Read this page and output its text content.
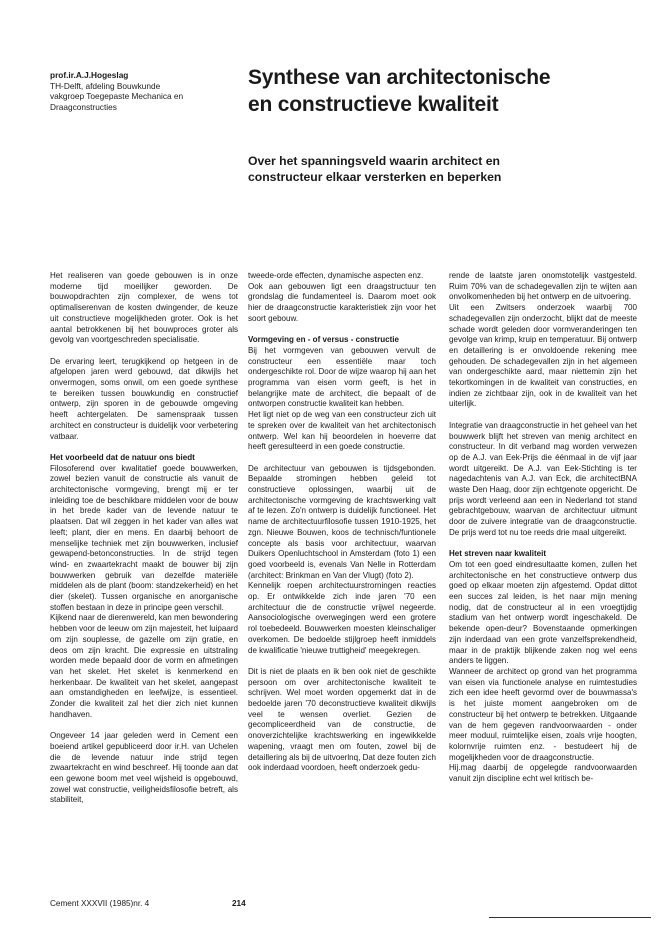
prof.ir.A.J.Hogeslag
TH-Delft, afdeling Bouwkunde
vakgroep Toegepaste Mechanica en
Draagconstructies
Synthese van architectonische
en constructieve kwaliteit
Over het spanningsveld waarin architect en
constructeur elkaar versterken en beperken

Het realiseren van goede gebouwen is in onze moderne tijd moeilijker geworden. De bouwopdrachten zijn complexer, de wens tot optimaliserenvan de kosten dwingender, de keuze uit constructieve mogelijkheden groter. Ook is het aantal betrokkenen bij het bouwproces groter als gevolg van voortgeschreden specialisatie.

De ervaring leert, terugkijkend op hetgeen in de afgelopen jaren werd gebouwd, dat dikwijls het onvermogen, soms onwil, om een goede synthese te bereiken tussen bouwkundig en constructief ontwerp, zijn sporen in de gebouwde omgeving heeft achtergelaten. De samenspraak tussen architect en constructeur is duidelijk voor verbetering vatbaar.

Het voorbeeld dat de natuur ons biedt

Filosoferend over kwalitatief goede bouwwerken, zowel bezien vanuit de constructie als vanuit de architectonische vormgeving, brengt mij er ter inleiding toe de beschikbare middelen voor de bouw in het brede kader van de levende natuur te plaatsen. Dat wil zeggen in het kader van alles wat leeft; plant, dier en mens. En daarbij behoort de menselijke techniek met zijn bouwwerken, inclusief gewapend-betonconstructies. In de strijd tegen wind- en zwaartekracht maakt de bouwer bij zijn bouwwerken gebruik van dezelfde materiële middelen als de plant (boom: standzekerheid) en het dier (skelet). Tussen organische en anorganische stoffen bestaan in deze in principe geen verschil.
Kijkend naar de dierenwereld, kan men bewondering hebben voor de leeuw om zijn majesteit, het luipaard om zijn souplesse, de gazelle om zijn gratie, en deos om zijn kracht. Die expressie en uitstraling worden mede bepaald door de vorm en afmetingen van het skelet. Het skelet is kenmerkend en herkenbaar. De kwaliteit van het skelet, aangepast aan omstandigheden en leefwijze, is essentieel. Zonder die kwaliteit zal het dier zich niet kunnen handhaven.

Ongeveer 14 jaar geleden werd in Cement een boeiend artikel gepubliceerd door ir.H. van Uchelen die de levende natuur inde strijd tegen zwaartekracht en wind beschreef. Hij toonde aan dat een gewone boom met veel wijsheid is opgebouwd, zowel wat constructie, veiligheidsfilosofie betreft, als stabiliteit,

tweede-orde effecten, dynamische aspecten enz.
Ook aan gebouwen ligt een draagstructuur ten grondslag die fundamenteel is. Daarom moet ook hier de draagconstructie karakteristiek zijn voor het soort gebouw.

Vormgeving en - of versus - constructie

Bij het vormgeven van gebouwen vervult de constructeur een essentiële maar toch ondergeschikte rol. Door de wijze waarop hij aan het programma van eisen vorm geeft, is het in belangrijke mate de architect, die bepaalt of de ontworpen constructie kwaliteit kan hebben.
Het ligt niet op de weg van een constructeur zich uit te spreken over de kwaliteit van het architectonisch ontwerp. Wel kan hij beoordelen in hoeverre dat heeft geresulteerd in een goede constructie.

De architectuur van gebouwen is tijdsgebonden. Bepaalde stromingen hebben geleid tot constructieve oplossingen, waarbij uit de architectonische vormgeving de krachtswerking valt af te lezen. Zo'n ontwerp is duidelijk functioneel. Het name de architectuurfilosofie tussen 1910-1925, het zgn. Nieuwe Bouwen, koos de technisch/funtionele concepte als basis voor architectuur, waarvan Duikers Openluchtschool in Amsterdam (foto 1) een goed voorbeeld is, evenals Van Nelle in Rotterdam (architect: Brinkman en Van der Vlugt) (foto 2).
Kennelijk roepen architectuurstrorningen reacties op. Er ontwikkelde zich inde jaren '70 een architectuur die de constructie vrijwel negeerde. Aansociologische overwegingen werd een grotere rol toebedeeld. Bouwwerken moesten kleinschaliger overkomen. De bedoelde stijlgroep heeft inmiddels de kwalificatie 'nieuwe truttigheid' meegekregen.

Dit is niet de plaats en ik ben ook niet de geschikte persoon om over architectonische kwaliteit te schrijven. Wel moet worden opgemerkt dat in de bedoelde jaren '70 deconstructieve kwaliteit dikwijls veel te wensen overliet. Gezien de gecompliceerdheid van de constructie, de onoverzichtelijke krachtswerking en ingewikkelde wapening, vraagt men om fouten, zowel bij de detaillering als bij de uitvoerlnq, Dat deze fouten zich ook inderdaad voordoen, heeft onderzoek gedu-

rende de laatste jaren onomstotelijk vastgesteld. Ruim 70% van de schadegevallen zijn te wijten aan onvolkomenheden bij het ontwerp en de uitvoering.
Uit een Zwitsers onderzoek waarbij 700 schadegevallen zijn onderzocht, blijkt dat de meeste schade wordt geleden door vormveranderingen ten gevolge van krimp, kruip en temperatuur. Bij ontwerp en detaillering is er onvoldoende rekening mee gehouden. De schadegevallen zijn in het algemeen van ondergeschikte aard, maar niettemin zijn het tekortkomingen in de kwaliteit van constructies, en indien ze zichtbaar zijn, ook in de kwaliteit van het uiterlijk.

Integratie van draagconstructie in het geheel van het bouwwerk blijft het streven van menig architect en constructeur. In dit verband mag worden verwezen op de A.J. van Eek-Prijs die éénmaal in de vijf jaar wordt uitgereikt. De A.J. van Eek-Stichting is ter nagedachtenis van A.J. van Eck, die architectBNA waste Den Haag, door zijn echtgenote opgericht. De prijs wordt verleend aan een in Nederland tot stand gebrachtgebouw, waarvan de architectuur uitmunt door de zuivere integratie van de draagconstructie. De prijs werd tot nu toe reeds drie maal uitgereikt.

Het streven naar kwaliteit

Om tot een goed eindresultaatte komen, zullen het architectonische en het constructieve ontwerp dus goed op elkaar moeten zijn afgestemd. Opdat dittot een succes zal leiden, is het naar mijn mening nodig, dat de constructeur al in een vroegtijdig stadium van het ontwerp wordt ingeschakeld. De bekende open-deur? Bovenstaande opmerkingen zijn inderdaad van een grote vanzelfsprekendheid, maar in de praktijk blijkende zaken nog wel eens anders te liggen.
Wanneer de architect op grond van het programma van eisen via functionele analyse en ruimtestudies zich een idee heeft gevormd over de bouwmassa's is het juiste moment aangebroken om de constructeur bij het ontwerp te betrekken. Uitgaande van de hem gegeven randvoorwaarden - onder meer moduul, ruimtelijke eisen, zoals vrije hoogten, kolornvrije ruimten enz. - bestudeert hij de mogelijkheden voor de draagconstructie.
Hij.mag daarbij de opgelegde randvoorwaarden vanuit zijn discipline echt wel kritisch be-

Cement XXXVII (1985)nr. 4	214
